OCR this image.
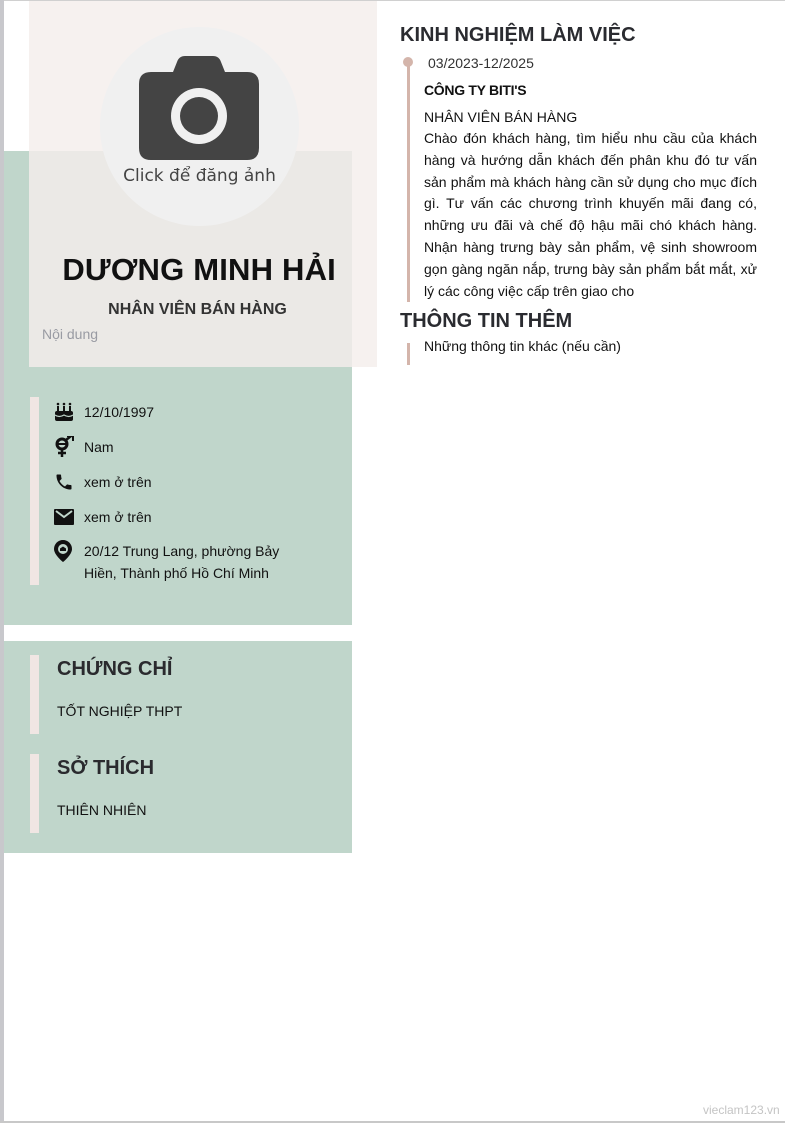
Click để đăng ảnh
DƯƠNG MINH HẢI
NHÂN VIÊN BÁN HÀNG
Nội dung
12/10/1997
Nam
xem ở trên
xem ở trên
20/12 Trung Lang, phường Bảy Hiền, Thành phố Hồ Chí Minh
CHỨNG CHỈ
TỐT NGHIỆP THPT
SỞ THÍCH
THIÊN NHIÊN
KINH NGHIỆM LÀM VIỆC
03/2023-12/2025
CÔNG TY BITI'S
NHÂN VIÊN BÁN HÀNG
Chào đón khách hàng, tìm hiểu nhu cầu của khách hàng và hướng dẫn khách đến phân khu đó tư vấn sản phẩm mà khách hàng cần sử dụng cho mục đích gì. Tư vấn các chương trình khuyến mãi đang có, những ưu đãi và chế độ hậu mãi chó khách hàng. Nhận hàng trưng bày sản phẩm, vệ sinh showroom gọn gàng ngăn nắp, trưng bày sản phẩm bắt mắt, xử lý các công việc cấp trên giao cho
THÔNG TIN THÊM
Những thông tin khác (nếu cần)
vieclam123.vn
